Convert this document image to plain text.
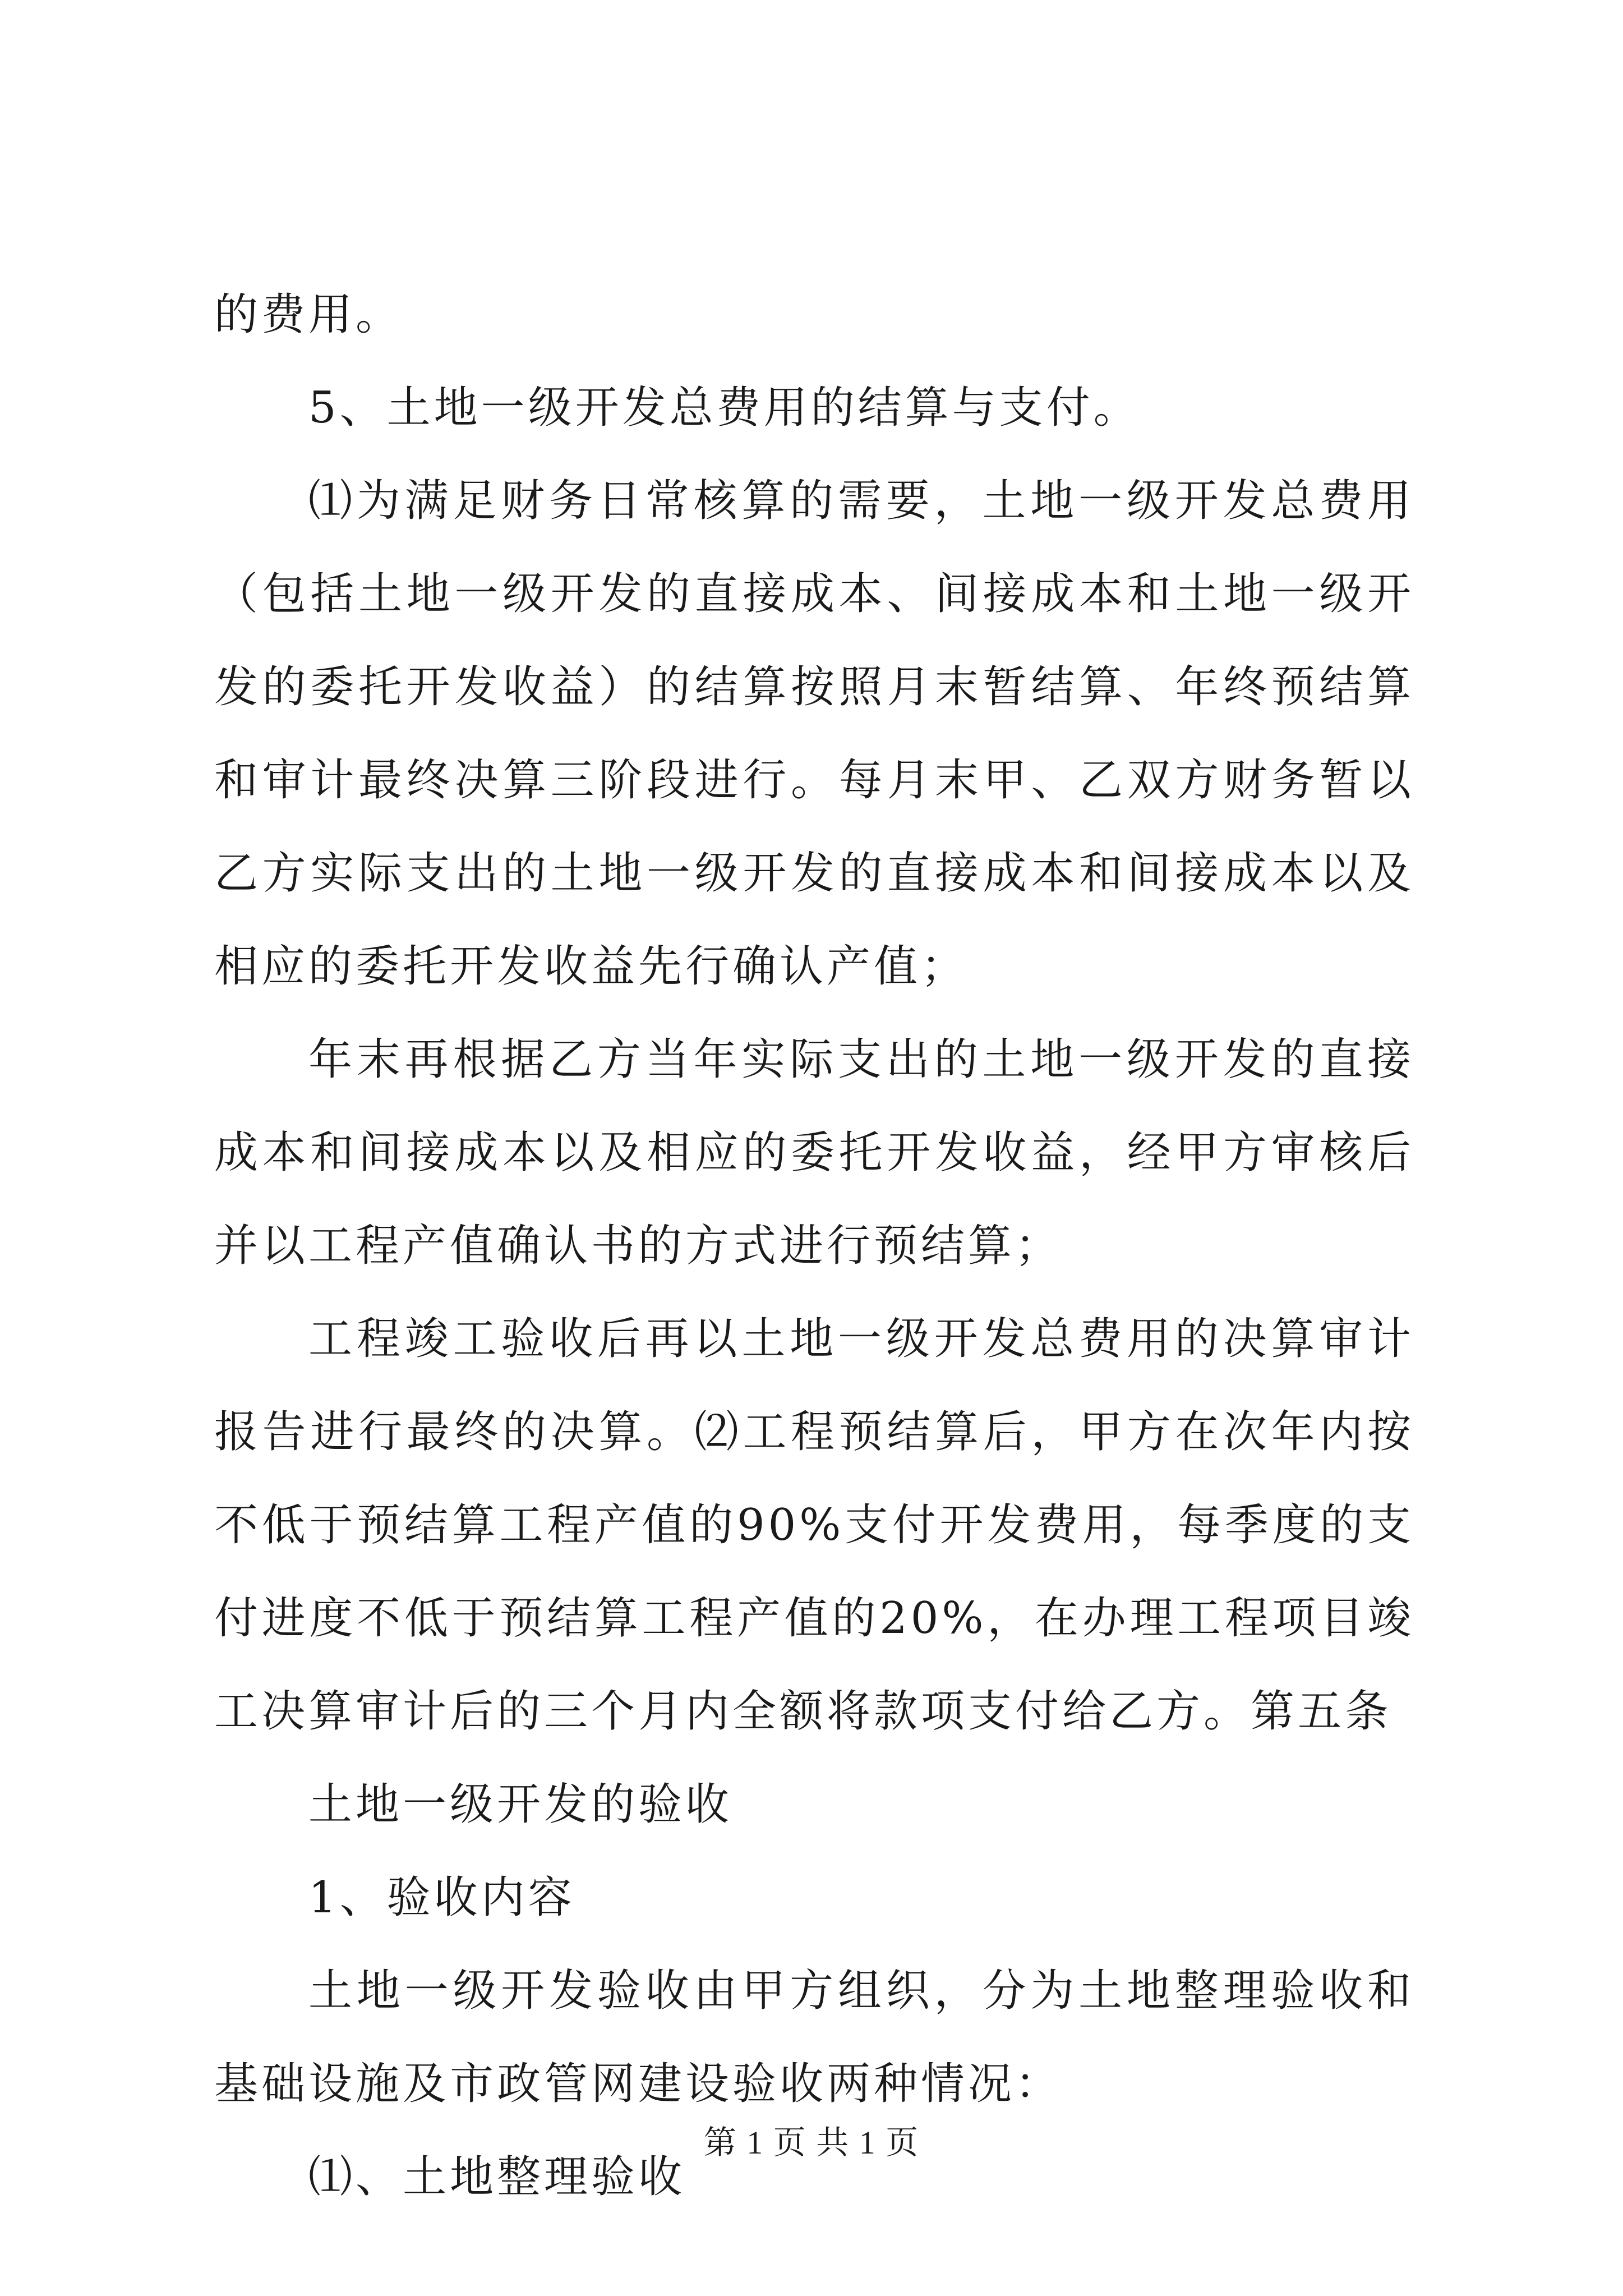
的费用。

5、土地一级开发总费用的结算与支付。

⑴为满足财务日常核算的需要，土地一级开发总费用（包括土地一级开发的直接成本、间接成本和土地一级开发的委托开发收益）的结算按照月末暂结算、年终预结算和审计最终决算三阶段进行。每月末甲、乙双方财务暂以乙方实际支出的土地一级开发的直接成本和间接成本以及相应的委托开发收益先行确认产值；

年末再根据乙方当年实际支出的土地一级开发的直接成本和间接成本以及相应的委托开发收益，经甲方审核后并以工程产值确认书的方式进行预结算；

工程竣工验收后再以土地一级开发总费用的决算审计报告进行最终的决算。⑵工程预结算后，甲方在次年内按不低于预结算工程产值的90%支付开发费用，每季度的支付进度不低于预结算工程产值的20%，在办理工程项目竣工决算审计后的三个月内全额将款项支付给乙方。第五条

土地一级开发的验收

1、验收内容

土地一级开发验收由甲方组织，分为土地整理验收和基础设施及市政管网建设验收两种情况：

⑴、土地整理验收

第 1 页 共 1 页
